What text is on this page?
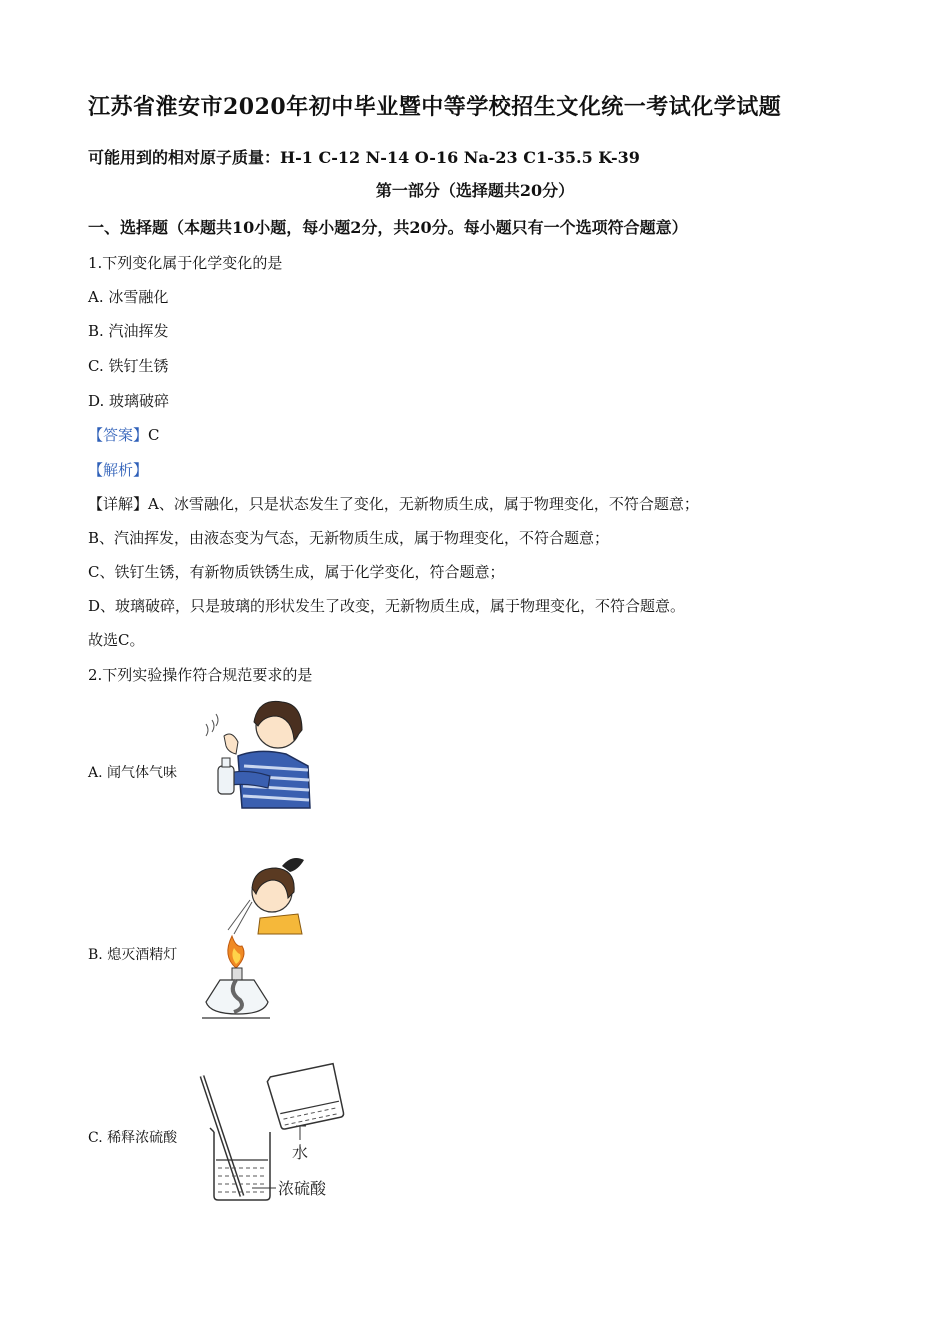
江苏省淮安市2020年初中毕业暨中等学校招生文化统一考试化学试题
可能用到的相对原子质量：H-1 C-12 N-14 O-16 Na-23 C1-35.5 K-39
第一部分（选择题共20分）
一、选择题（本题共10小题，每小题2分，共20分。每小题只有一个选项符合题意）
1.下列变化属于化学变化的是
A. 冰雪融化
B. 汽油挥发
C. 铁钉生锈
D. 玻璃破碎
【答案】C
【解析】
【详解】A、冰雪融化，只是状态发生了变化，无新物质生成，属于物理变化，不符合题意；
B、汽油挥发，由液态变为气态，无新物质生成，属于物理变化，不符合题意；
C、铁钉生锈，有新物质铁锈生成，属于化学变化，符合题意；
D、玻璃破碎，只是玻璃的形状发生了改变，无新物质生成，属于物理变化，不符合题意。
故选C。
2.下列实验操作符合规范要求的是
A. 闻气体气味
B. 熄灭酒精灯
C. 稀释浓硫酸
浓硫酸
水
